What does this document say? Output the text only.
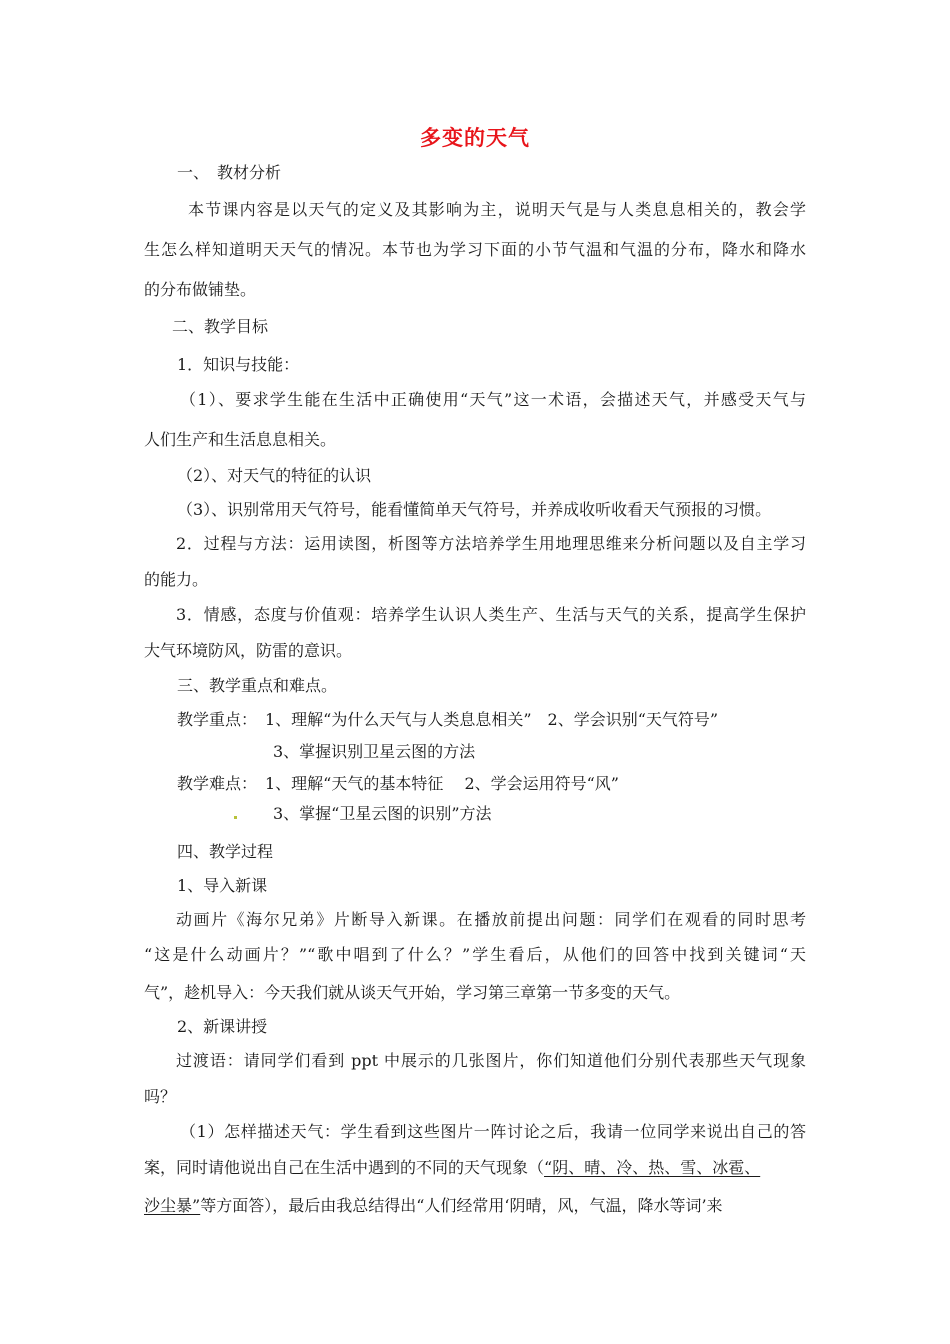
多变的天气
一、　教材分析
本节课内容是以天气的定义及其影响为主，说明天气是与人类息息相关的，教会学
生怎么样知道明天天气的情况。本节也为学习下面的小节气温和气温的分布，降水和降水
的分布做铺垫。
二、教学目标
1．知识与技能：
（1）、要求学生能在生活中正确使用“天气”这一术语，会描述天气，并感受天气与
人们生产和生活息息相关。
（2）、对天气的特征的认识
（3）、识别常用天气符号，能看懂简单天气符号，并养成收听收看天气预报的习惯。
2．过程与方法：运用读图，析图等方法培养学生用地理思维来分析问题以及自主学习
的能力。
3．情感，态度与价值观：培养学生认识人类生产、生活与天气的关系，提高学生保护
大气环境防风，防雷的意识。
三、教学重点和难点。
教学重点：　1、理解“为什么天气与人类息息相关”　2、学会识别“天气符号”
3、掌握识别卫星云图的方法
教学难点：　1、理解“天气的基本特征　 2、学会运用符号“风”
3、掌握“卫星云图的识别”方法
四、教学过程
1、导入新课
动画片《海尔兄弟》片断导入新课。在播放前提出问题：同学们在观看的同时思考
“这是什么动画片？”“歌中唱到了什么？”学生看后，从他们的回答中找到关键词“天
气”，趁机导入：今天我们就从谈天气开始，学习第三章第一节多变的天气。
2、新课讲授
过渡语：请同学们看到 ppt 中展示的几张图片，你们知道他们分别代表那些天气现象
吗？
（1）怎样描述天气：学生看到这些图片一阵讨论之后，我请一位同学来说出自己的答
案，同时请他说出自己在生活中遇到的不同的天气现象（“阴、晴、冷、热、雪、冰雹、
沙尘暴”等方面答），最后由我总结得出“人们经常用‘阴晴，风，气温，降水等词’来
